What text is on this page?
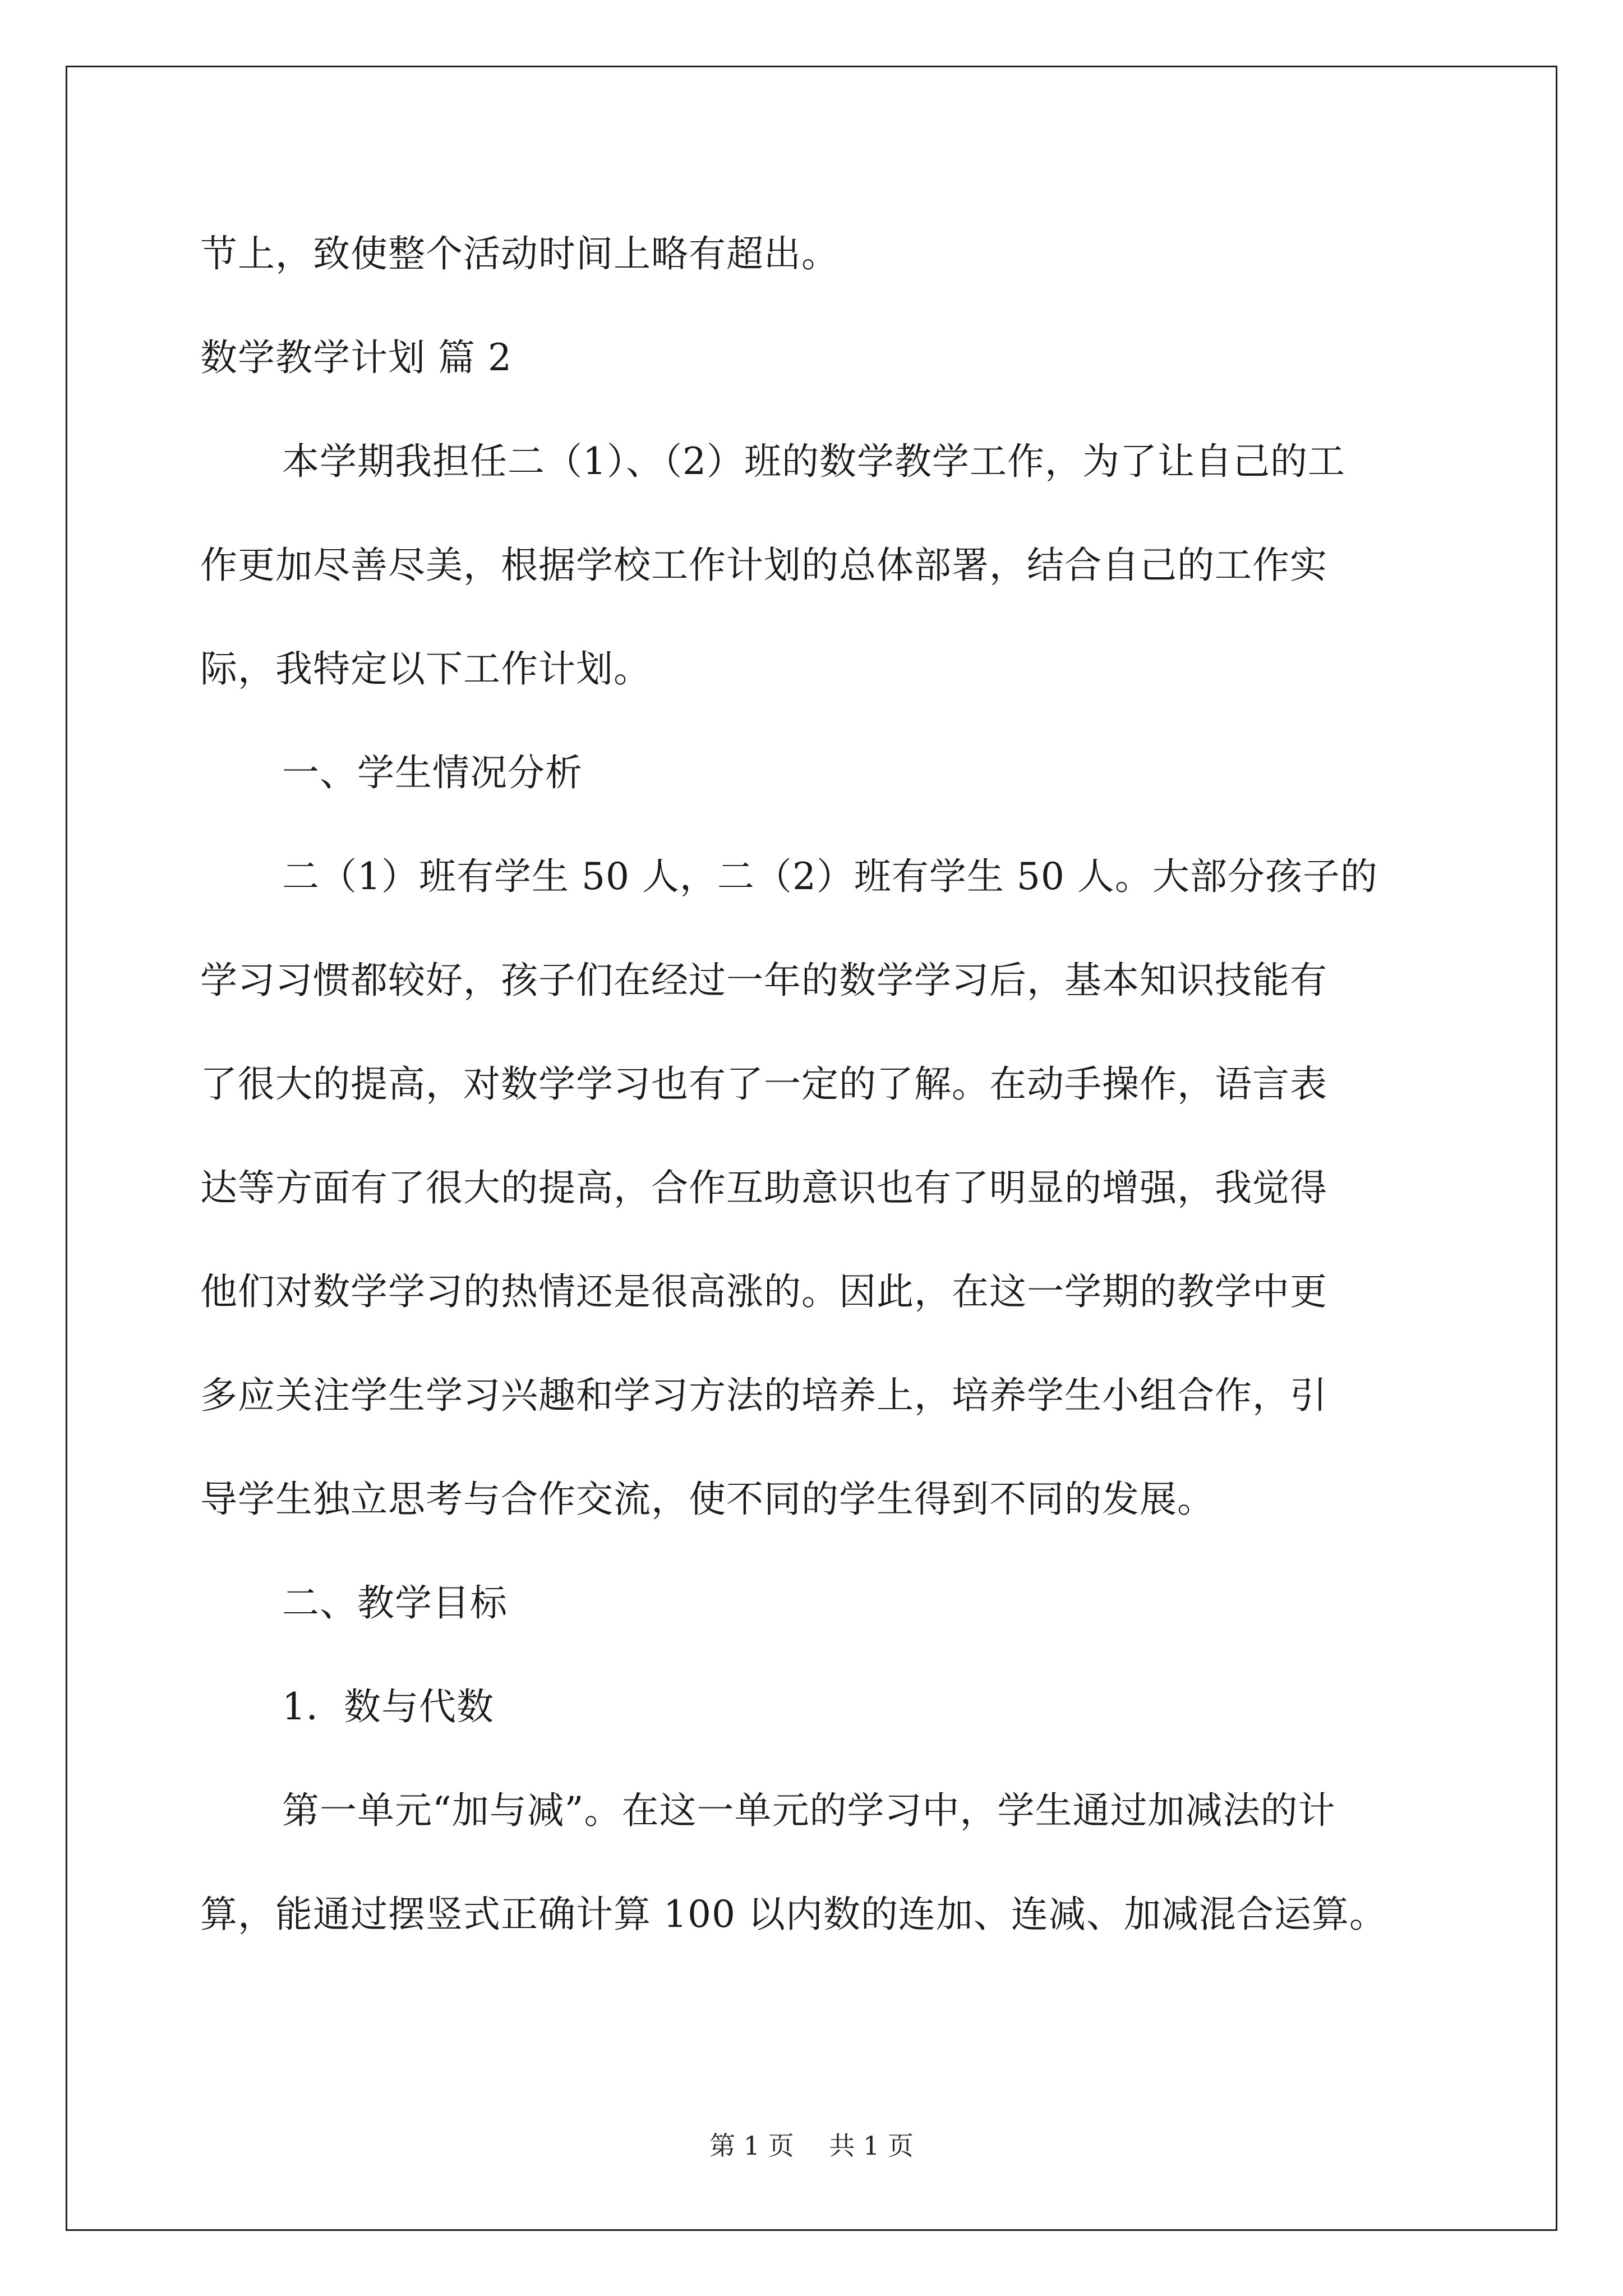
节上，致使整个活动时间上略有超出。
数学教学计划 篇 2
本学期我担任二（1）、（2）班的数学教学工作，为了让自己的工
作更加尽善尽美，根据学校工作计划的总体部署，结合自己的工作实
际，我特定以下工作计划。
一、学生情况分析
二（1）班有学生 50 人，二（2）班有学生 50 人。大部分孩子的
学习习惯都较好，孩子们在经过一年的数学学习后，基本知识技能有
了很大的提高，对数学学习也有了一定的了解。在动手操作，语言表
达等方面有了很大的提高，合作互助意识也有了明显的增强，我觉得
他们对数学学习的热情还是很高涨的。因此，在这一学期的教学中更
多应关注学生学习兴趣和学习方法的培养上，培养学生小组合作，引
导学生独立思考与合作交流，使不同的学生得到不同的发展。
二、教学目标
1．数与代数
第一单元“加与减”。在这一单元的学习中，学生通过加减法的计
算，能通过摆竖式正确计算 100 以内数的连加、连减、加减混合运算。
第 1 页 共 1 页
